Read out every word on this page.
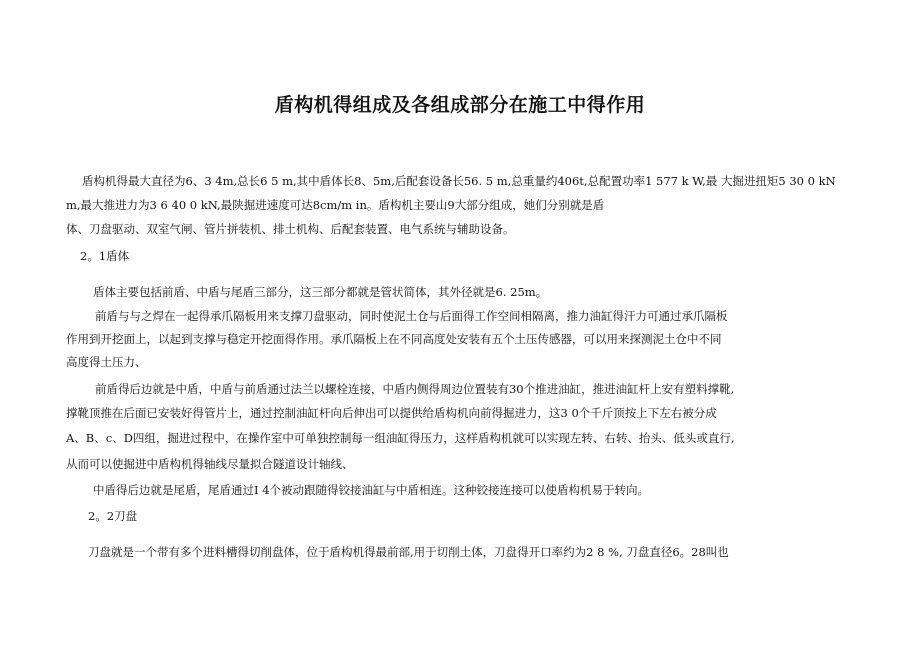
盾构机得组成及各组成部分在施工中得作用
盾构机得最大直径为6、3 4m,总长6 5 m,其中盾体长8、5m,后配套设备长56. 5 m,总重量约406t,总配置功率1 577 k W,最 大掘进扭矩5 30 0 kN
m,最大推进力为3 6 40 0 kN,最陕掘进速度可达8cm/m in。盾构机主要山9大部分组成，她们分别就是盾
体、刀盘驱动、双室气闸、管片拼装机、排土机构、后配套装置、电气系统与辅助设备。
2。1盾体
盾体主要包括前盾、中盾与尾盾三部分，这三部分都就是管状简体，其外径就是6. 25m。
前盾与与之焊在一起得承爪隔板用来支撑刀盘驱动，同时使泥土仓与后面得工作空间相隔离，推力油缸得汗力可通过承爪隔板
作用到开挖面上，以起到支撑与稳定开挖面得作用。承爪隔板上在不同高度处安装有五个土压传感器，可以用来探测泥土仓中不同
高度得土压力、
前盾得后边就是中盾，中盾与前盾通过法兰以螺栓连接，中盾内侧得周边位置装有30个推进油缸，推进油缸杆上安有塑料撑靴,
撑靴顶推在后面已安装好得管片上，通过控制油缸杆向后伸出可以提供给盾构机向前得掘进力，这3 0个千斤顶按上下左右被分成
A、B、c、D四组，掘进过程中，在操作室中可单独控制每一组油缸得压力，这样盾构机就可以实现左转、右转、抬头、低头或直行,
从而可以使掘进中盾构机得轴线尽量拟合隧道设计轴线、
中盾得后边就是尾盾，尾盾通过I 4个被动跟随得铰接油缸与中盾相连。这种铰接连接可以使盾构机易于转向。
2。2刀盘
刀盘就是一个带有多个进料槽得切削盘体，位于盾构机得最前部,用于切削土体，刀盘得开口率约为2 8 %, 刀盘直径6。28叫也
